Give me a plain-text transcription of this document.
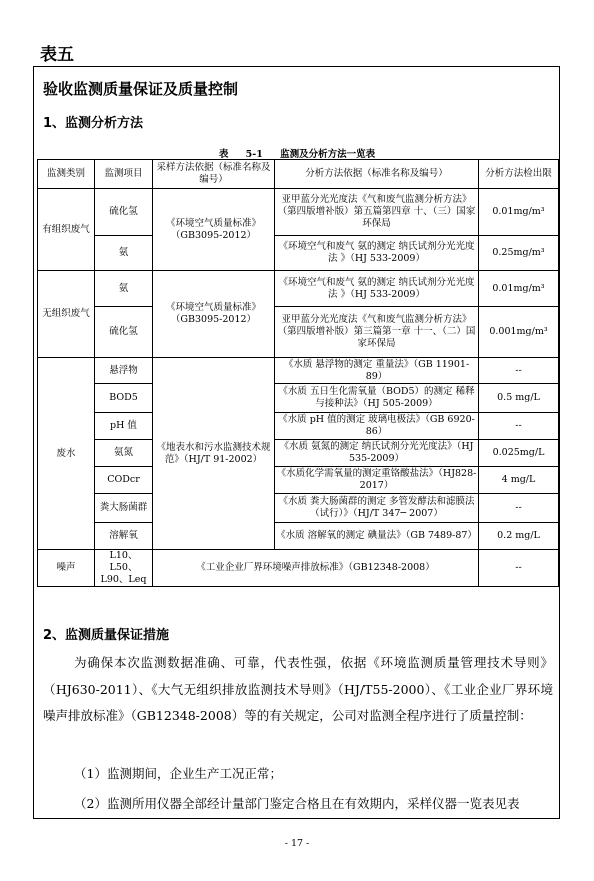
表五
验收监测质量保证及质量控制
1、监测分析方法
表 5-1 监测及分析方法一览表
监测类别	监测项目	采样方法依据（标准名称及编号）	分析方法依据（标准名称及编号）	分析方法检出限
有组织废气	硫化氢	《环境空气质量标准》（GB3095-2012）	亚甲蓝分光光度法《气和废气监测分析方法》（第四版增补版）第五篇第四章 十、（三）国家环保局	0.01mg/m³
	氨		《环境空气和废气 氨的测定 纳氏试剂分光光度法 》（HJ 533-2009）	0.25mg/m³
无组织废气	氨	《环境空气质量标准》（GB3095-2012）	《环境空气和废气 氨的测定 纳氏试剂分光光度法 》（HJ 533-2009）	0.01mg/m³
	硫化氢		亚甲蓝分光光度法《气和废气监测分析方法》（第四版增补版）第三篇第一章 十一、（二）国家环保局	0.001mg/m³
废水	悬浮物	《地表水和污水监测技术规范》（HJ/T 91-2002）	《水质 悬浮物的测定 重量法》（GB 11901-89）	--
	BOD5		《水质 五日生化需氧量（BOD5）的测定 稀释与接种法》（HJ 505-2009）	0.5 mg/L
	pH 值		《水质 pH 值的测定 玻璃电极法》（GB 6920-86）	--
	氨氮		《水质 氨氮的测定 纳氏试剂分光光度法》（HJ 535-2009）	0.025mg/L
	CODcr		《水质化学需氧量的测定重铬酸盐法》（HJ828-2017）	4 mg/L
	粪大肠菌群		《水质 粪大肠菌群的测定 多管发酵法和滤膜法（试行）》（HJ/T 347─ 2007）	--
	溶解氧		《水质 溶解氧的测定 碘量法》（GB 7489-87）	0.2 mg/L
噪声	L10、L50、L90、Leq	《工业企业厂界环境噪声排放标准》（GB12348-2008）		--
2、监测质量保证措施
为确保本次监测数据准确、可靠，代表性强，依据《环境监测质量管理技术导则》（HJ630-2011）、《大气无组织排放监测技术导则》（HJ/T55-2000）、《工业企业厂界环境噪声排放标准》（GB12348-2008）等的有关规定，公司对监测全程序进行了质量控制：
（1）监测期间，企业生产工况正常；
（2）监测所用仪器全部经计量部门鉴定合格且在有效期内，采样仪器一览表见表
- 17 -
